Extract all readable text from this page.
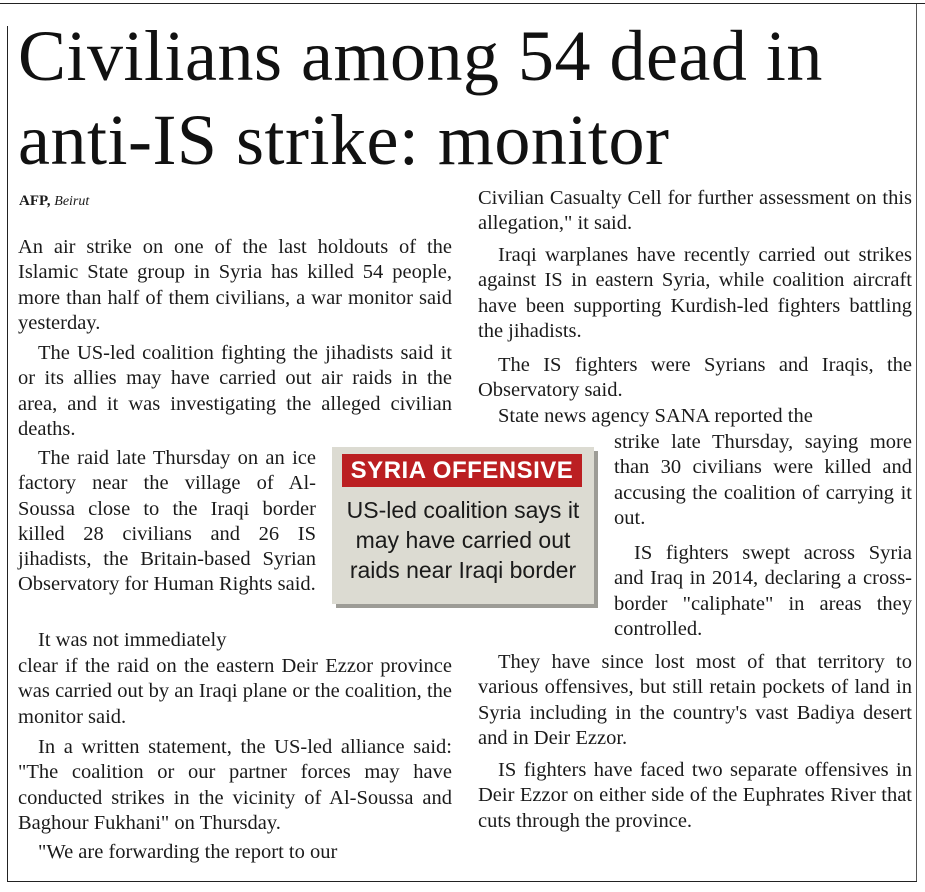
Civilians among 54 dead in anti-IS strike: monitor
AFP, Beirut

An air strike on one of the last holdouts of the Islamic State group in Syria has killed 54 people, more than half of them civilians, a war monitor said yesterday.

The US-led coalition fighting the jihadists said it or its allies may have carried out air raids in the area, and it was investigating the alleged civilian deaths.

The raid late Thursday on an ice factory near the village of Al-Soussa close to the Iraqi border killed 28 civilians and 26 IS jihadists, the Britain-based Syrian Observatory for Human Rights said.

It was not immediately

clear if the raid on the eastern Deir Ezzor province was carried out by an Iraqi plane or the coalition, the monitor said.

In a written statement, the US-led alliance said: "The coalition or our partner forces may have conducted strikes in the vicinity of Al-Soussa and Baghour Fukhani" on Thursday.

"We are forwarding the report to our

Civilian Casualty Cell for further assessment on this allegation," it said.

Iraqi warplanes have recently carried out strikes against IS in eastern Syria, while coalition aircraft have been supporting Kurdish-led fighters battling the jihadists.

The IS fighters were Syrians and Iraqis, the Observatory said.

State news agency SANA reported the

strike late Thursday, saying more than 30 civilians were killed and accusing the coalition of carrying it out.

IS fighters swept across Syria and Iraq in 2014, declaring a cross-border "caliphate" in areas they controlled.

They have since lost most of that territory to various offensives, but still retain pockets of land in Syria including in the country's vast Badiya desert and in Deir Ezzor.

IS fighters have faced two separate offensives in Deir Ezzor on either side of the Euphrates River that cuts through the province.

SYRIA OFFENSIVE
US-led coalition says it may have carried out raids near Iraqi border
